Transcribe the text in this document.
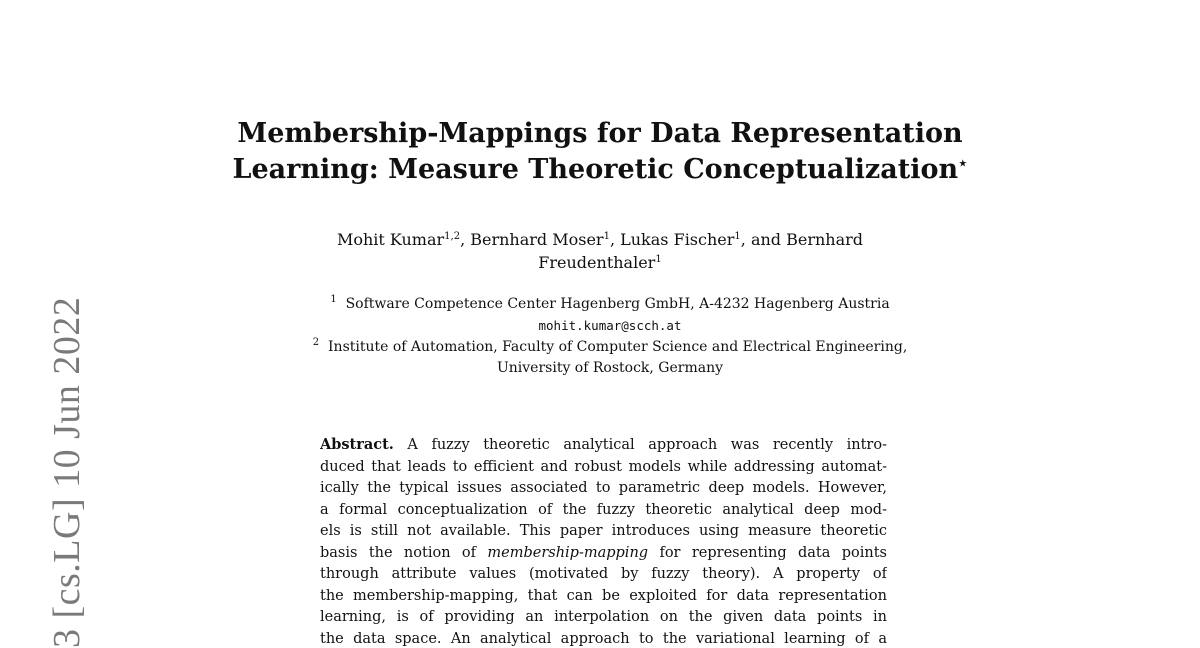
3 [cs.LG] 10 Jun 2022
Membership-Mappings for Data Representation
Learning: Measure Theoretic Conceptualization⋆
Mohit Kumar$^{1,2}$, Bernhard Moser$^1$, Lukas Fischer$^1$, and Bernhard
Freudenthaler$^1$
$^1$ Software Competence Center Hagenberg GmbH, A-4232 Hagenberg Austria
mohit.kumar@scch.at
$^2$ Institute of Automation, Faculty of Computer Science and Electrical Engineering,
University of Rostock, Germany
Abstract. A fuzzy theoretic analytical approach was recently intro-
duced that leads to efficient and robust models while addressing automat-
ically the typical issues associated to parametric deep models. However,
a formal conceptualization of the fuzzy theoretic analytical deep mod-
els is still not available. This paper introduces using measure theoretic
basis the notion of membership-mapping for representing data points
through attribute values (motivated by fuzzy theory). A property of
the membership-mapping, that can be exploited for data representation
learning, is of providing an interpolation on the given data points in
the data space. An analytical approach to the variational learning of a
